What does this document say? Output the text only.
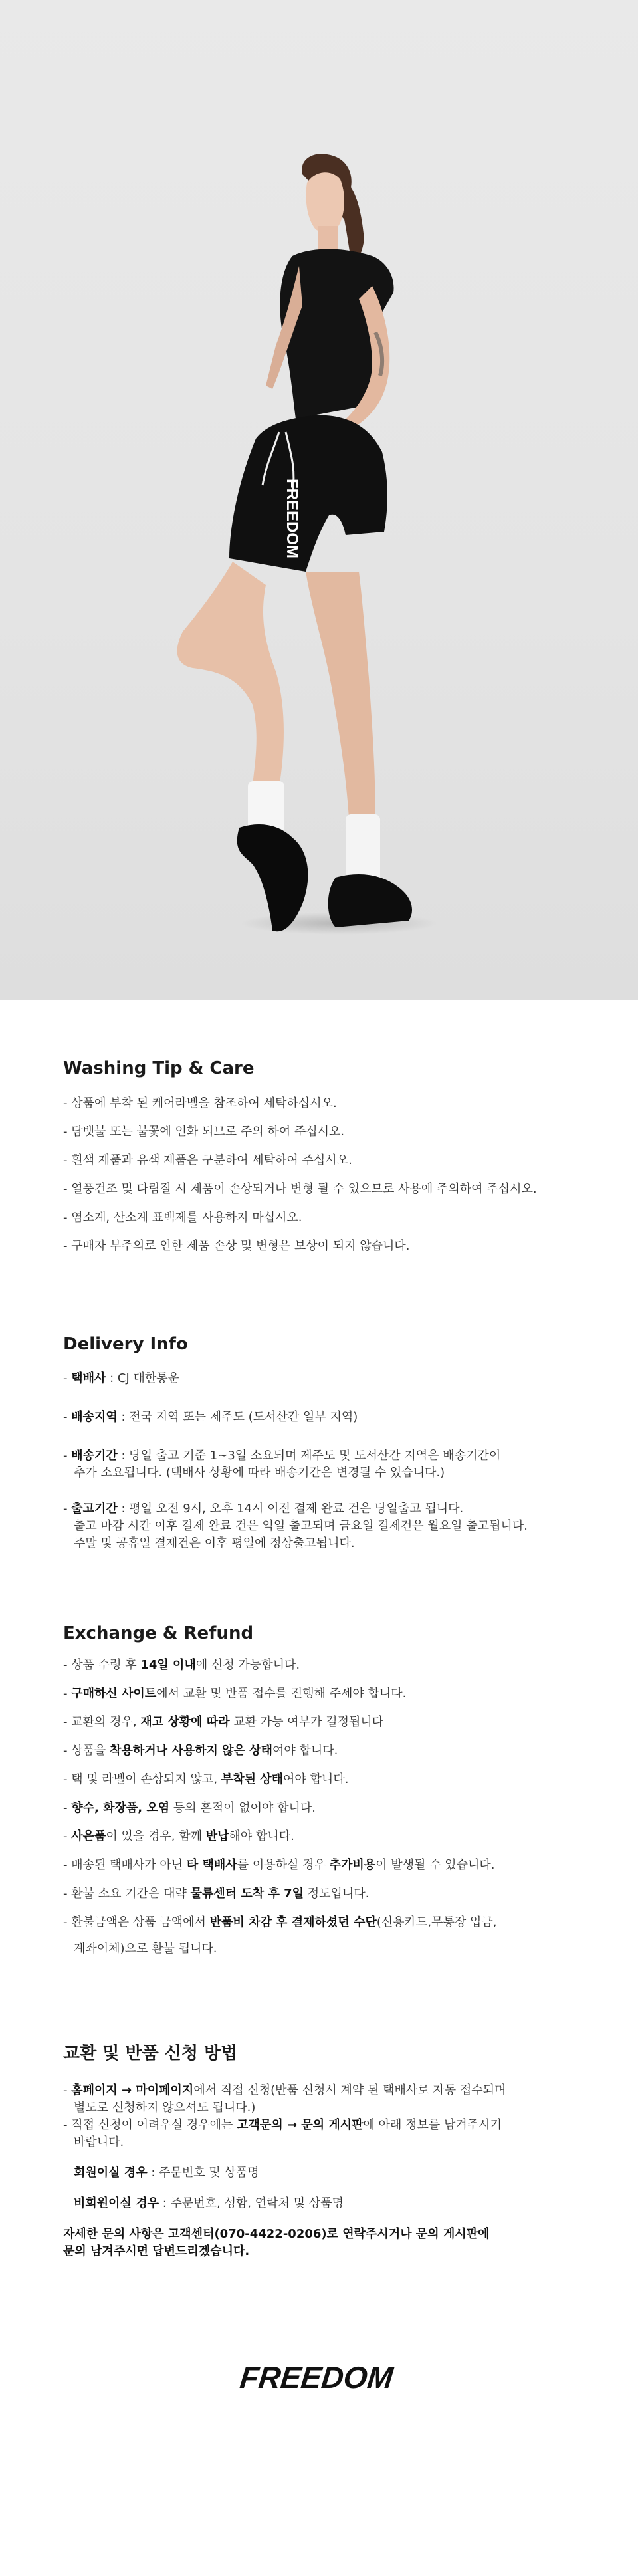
FREEDOM
Washing Tip & Care
- 상품에 부착 된 케어라벨을 참조하여 세탁하십시오.
- 담뱃불 또는 불꽃에 인화 되므로 주의 하여 주십시오.
- 흰색 제품과 유색 제품은 구분하여 세탁하여 주십시오.
- 열풍건조 및 다림질 시 제품이 손상되거나 변형 될 수 있으므로 사용에 주의하여 주십시오.
- 염소계, 산소계 표백제를 사용하지 마십시오.
- 구매자 부주의로 인한 제품 손상 및 변형은 보상이 되지 않습니다.
Delivery Info

- 택배사 : CJ 대한통운

- 배송지역 : 전국 지역 또는 제주도 (도서산간 일부 지역)

- 배송기간 : 당일 출고 기준 1~3일 소요되며 제주도 및 도서산간 지역은 배송기간이

추가 소요됩니다. (택배사 상황에 따라 배송기간은 변경될 수 있습니다.)

- 출고기간 : 평일 오전 9시, 오후 14시 이전 결제 완료 건은 당일출고 됩니다.

출고 마감 시간 이후 결제 완료 건은 익일 출고되며 금요일 결제건은 월요일 출고됩니다.

주말 및 공휴일 결제건은 이후 평일에 정상출고됩니다.

Exchange & Refund

- 상품 수령 후 14일 이내에 신청 가능합니다.

- 구매하신 사이트에서 교환 및 반품 접수를 진행해 주세야 합니다.

- 교환의 경우, 재고 상황에 따라 교환 가능 여부가 결정됩니다

- 상품을 착용하거나 사용하지 않은 상태여야 합니다.

- 택 및 라벨이 손상되지 않고, 부착된 상태여야 합니다.

- 향수, 화장품, 오염 등의 흔적이 없어야 합니다.

- 사은품이 있을 경우, 함께 반납해야 합니다.

- 배송된 택배사가 아닌 타 택배사를 이용하실 경우 추가비용이 발생될 수 있습니다.

- 환불 소요 기간은 대략 물류센터 도착 후 7일 정도입니다.

- 환불금액은 상품 금액에서 반품비 차감 후 결제하셨던 수단(신용카드,무통장 입금,

계좌이체)으로 환불 됩니다.

교환 및 반품 신청 방법

- 홈페이지 → 마이페이지에서 직접 신청(반품 신청시 계약 된 택배사로 자동 접수되며

별도로 신청하지 않으셔도 됩니다.)

- 직접 신청이 어려우실 경우에는 고객문의 → 문의 게시판에 아래 정보를 남겨주시기

바랍니다.

회원이실 경우 : 주문번호 및 상품명

비회원이실 경우 : 주문번호, 성함, 연락처 및 상품명

자세한 문의 사항은 고객센터(070-4422-0206)로 연락주시거나 문의 게시판에

문의 남겨주시면 답변드리겠습니다.

FREEDOM
